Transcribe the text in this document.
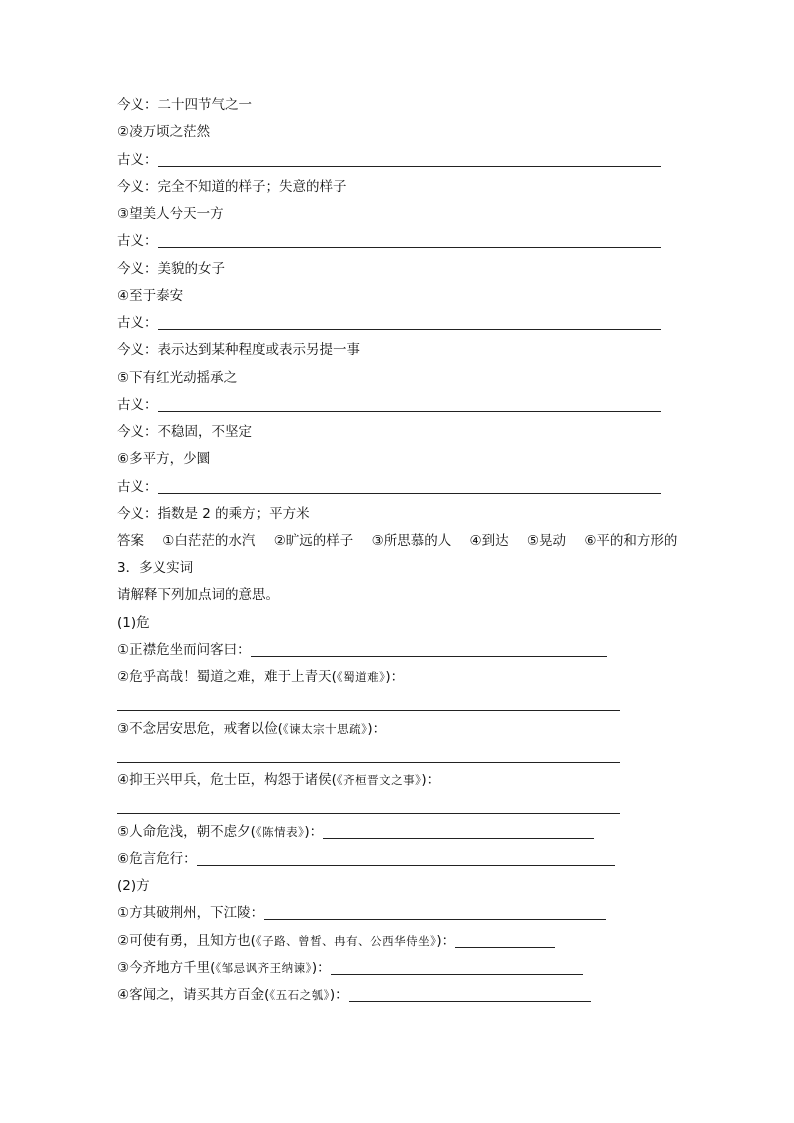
今义：二十四节气之一
②凌万顷之茫然
古义：
今义：完全不知道的样子；失意的样子
③望美人兮天一方
古义：
今义：美貌的女子
④至于泰安
古义：
今义：表示达到某种程度或表示另提一事
⑤下有红光动摇承之
古义：
今义：不稳固，不坚定
⑥多平方，少圜
古义：
今义：指数是 2 的乘方；平方米
答案 ①白茫茫的水汽 ②旷远的样子 ③所思慕的人 ④到达 ⑤晃动 ⑥平的和方形的
3．多义实词
请解释下列加点词的意思。
(1)危
①正襟危坐而问客曰：
②危乎高哉！蜀道之难，难于上青天(《蜀道难》)：
③不念居安思危，戒奢以俭(《谏太宗十思疏》)：
④抑王兴甲兵，危士臣，构怨于诸侯(《齐桓晋文之事》)：
⑤人命危浅，朝不虑夕(《陈情表》)：
⑥危言危行：
(2)方
①方其破荆州，下江陵：
②可使有勇，且知方也(《子路、曾皙、冉有、公西华侍坐》)：
③今齐地方千里(《邹忌讽齐王纳谏》)：
④客闻之，请买其方百金(《五石之瓠》)：
